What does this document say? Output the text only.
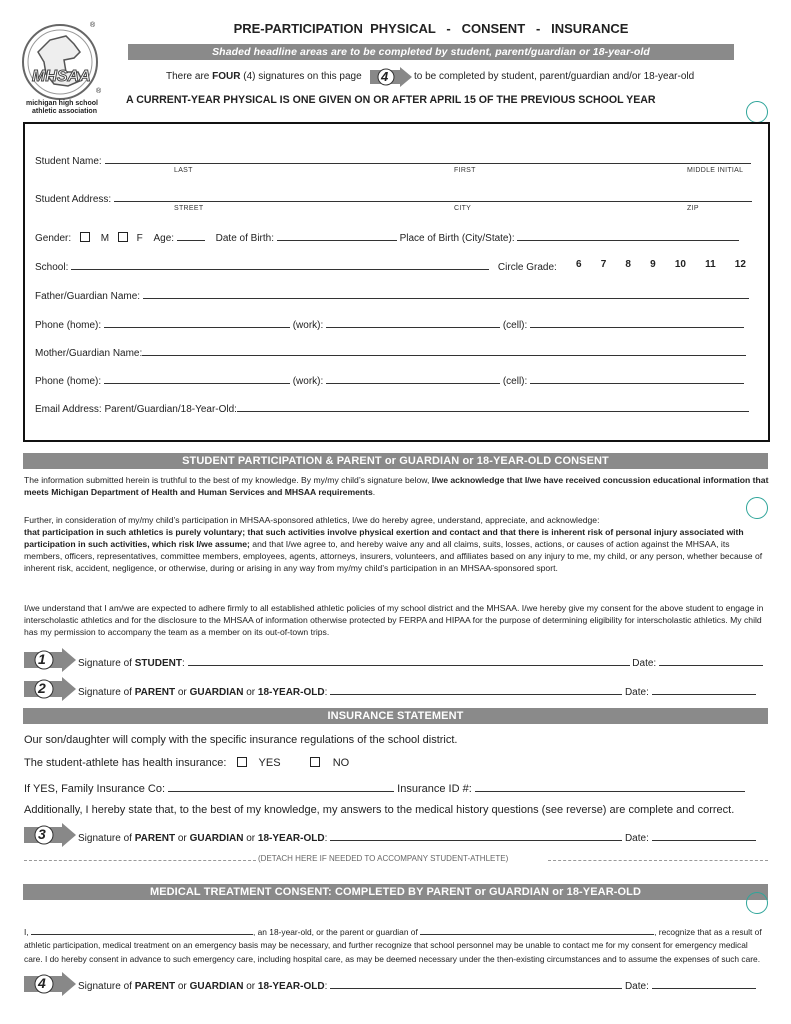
MHSAA
®
®
michigan high school
athletic association
PRE-PARTICIPATION  PHYSICAL   -   CONSENT   -   INSURANCE
Shaded headline areas are to be completed by student, parent/guardian or 18-year-old
There are FOUR (4) signatures on this page 4	to be completed by student, parent/guardian and/or 18-year-old
A CURRENT-YEAR PHYSICAL IS ONE GIVEN ON OR AFTER APRIL 15 OF THE PREVIOUS SCHOOL YEAR
Student Name:
LAST	FIRST	MIDDLE INITIAL
Student Address:
STREET	CITY	ZIP
Gender:	M	F Age:	Date of Birth:	Place of Birth (City/State):
School:	Circle Grade:	6 7 8 9 10 11 12
Father/Guardian Name:
Phone (home):	(work):	(cell):
Mother/Guardian Name:
Phone (home):	(work):	(cell):
Email Address: Parent/Guardian/18-Year-Old:
STUDENT PARTICIPATION & PARENT or GUARDIAN or 18-YEAR-OLD CONSENT
The information submitted herein is truthful to the best of my knowledge. By my/my child’s signature below, I/we acknowledge that I/we have received concussion educational information that meets Michigan Department of Health and Human Services and MHSAA requirements.
Further, in consideration of my/my child’s participation in MHSAA-sponsored athletics, I/we do hereby agree, understand, appreciate, and acknowledge:
that participation in such athletics is purely voluntary; that such activities involve physical exertion and contact and that there is inherent risk of personal injury associated with participation in such activities, which risk I/we assume; and that I/we agree to, and hereby waive any and all claims, suits, losses, actions, or causes of action against the MHSAA, its members, officers, representatives, committee members, employees, agents, attorneys, insurers, volunteers, and affiliates based on any injury to me, my child, or any person, whether because of inherent risk, accident, negligence, or otherwise, during or arising in any way from my/my child’s participation in an MHSAA-sponsored sport.
I/we understand that I am/we are expected to adhere firmly to all established athletic policies of my school district and the MHSAA. I/we hereby give my consent for the above student to engage in interscholastic athletics and for the disclosure to the MHSAA of information otherwise protected by FERPA and HIPAA for the purpose of determining eligibility for interscholastic athletics. My child has my permission to accompany the team as a member on its out-of-town trips.
1	Signature of STUDENT:	Date:
2	Signature of PARENT or GUARDIAN or 18-YEAR-OLD:	Date:
INSURANCE STATEMENT
Our son/daughter will comply with the specific insurance regulations of the school district.
The student-athlete has health insurance:	YES	NO
If YES, Family Insurance Co:	Insurance ID #:
Additionally, I hereby state that, to the best of my knowledge, my answers to the medical history questions (see reverse) are complete and correct.
3	Signature of PARENT or GUARDIAN or 18-YEAR-OLD:	Date:
(DETACH HERE IF NEEDED TO ACCOMPANY STUDENT-ATHLETE)
MEDICAL TREATMENT CONSENT: COMPLETED BY PARENT or GUARDIAN or 18-YEAR-OLD
I,	, an 18-year-old, or the parent or guardian of	, recognize that as a result of
athletic participation, medical treatment on an emergency basis may be necessary, and further recognize that school personnel may be unable to contact me for my consent for emergency medical
care. I do hereby consent in advance to such emergency care, including hospital care, as may be deemed necessary under the then-existing circumstances and to assume the expenses of such care.
4	Signature of PARENT or GUARDIAN or 18-YEAR-OLD:	Date:
